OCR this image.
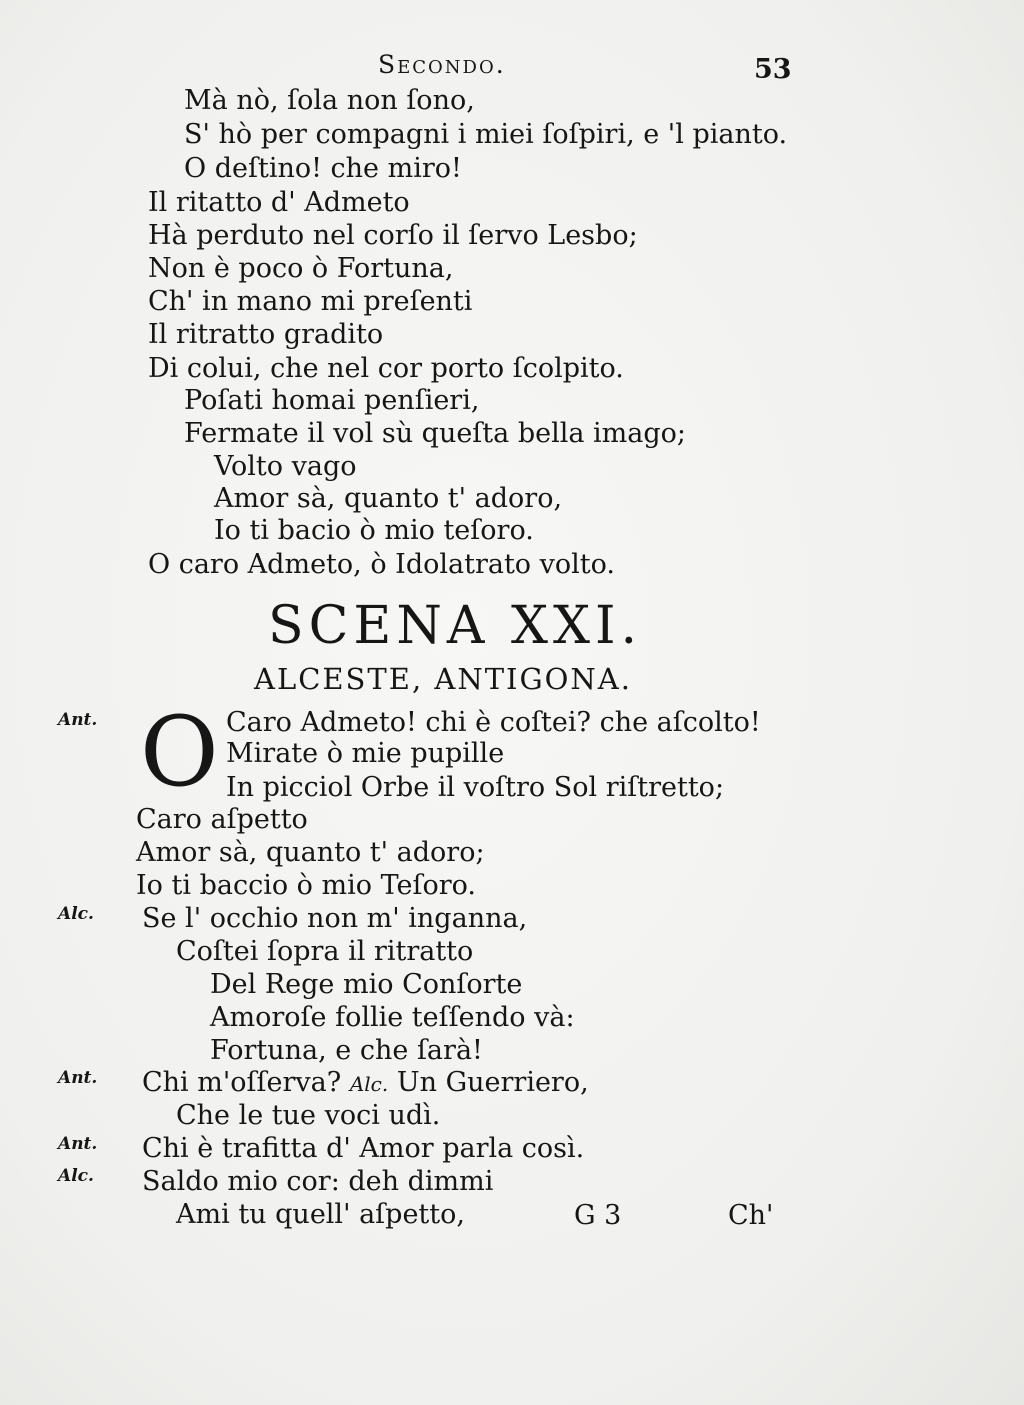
Secondo.	53
Mà nò, ſola non ſono,
S' hò per compagni i miei ſoſpiri, e 'l pianto.
O deſtino! che miro!
Il ritatto d' Admeto
Hà perduto nel corſo il ſervo Lesbo;
Non è poco ò Fortuna,
Ch' in mano mi preſenti
Il ritratto gradito
Di colui, che nel cor porto ſcolpito.
Poſati homai penſieri,
Fermate il vol sù queſta bella imago;
Volto vago
Amor sà, quanto t' adoro,
Io ti bacio ò mio teſoro.
O caro Admeto, ò Idolatrato volto.
SCENA XXI.
ALCESTE, ANTIGONA.
Ant.
Alc.
Ant.
Ant.
Alc.
O Caro Admeto! chi è coſtei? che aſcolto!
Mirate ò mie pupille
In picciol Orbe il voſtro Sol riſtretto;
Caro aſpetto
Amor sà, quanto t' adoro;
Io ti baccio ò mio Teſoro.
Se l' occhio non m' inganna,
Coſtei ſopra il ritratto
Del Rege mio Conſorte
Amoroſe follie teſſendo và:
Fortuna, e che ſarà!
Chi m'oſſerva? Alc. Un Guerriero,
Che le tue voci udì.
Chi è trafitta d' Amor parla così.
Saldo mio cor: deh dimmi
Ami tu quell' aſpetto,	G 3	Ch'
